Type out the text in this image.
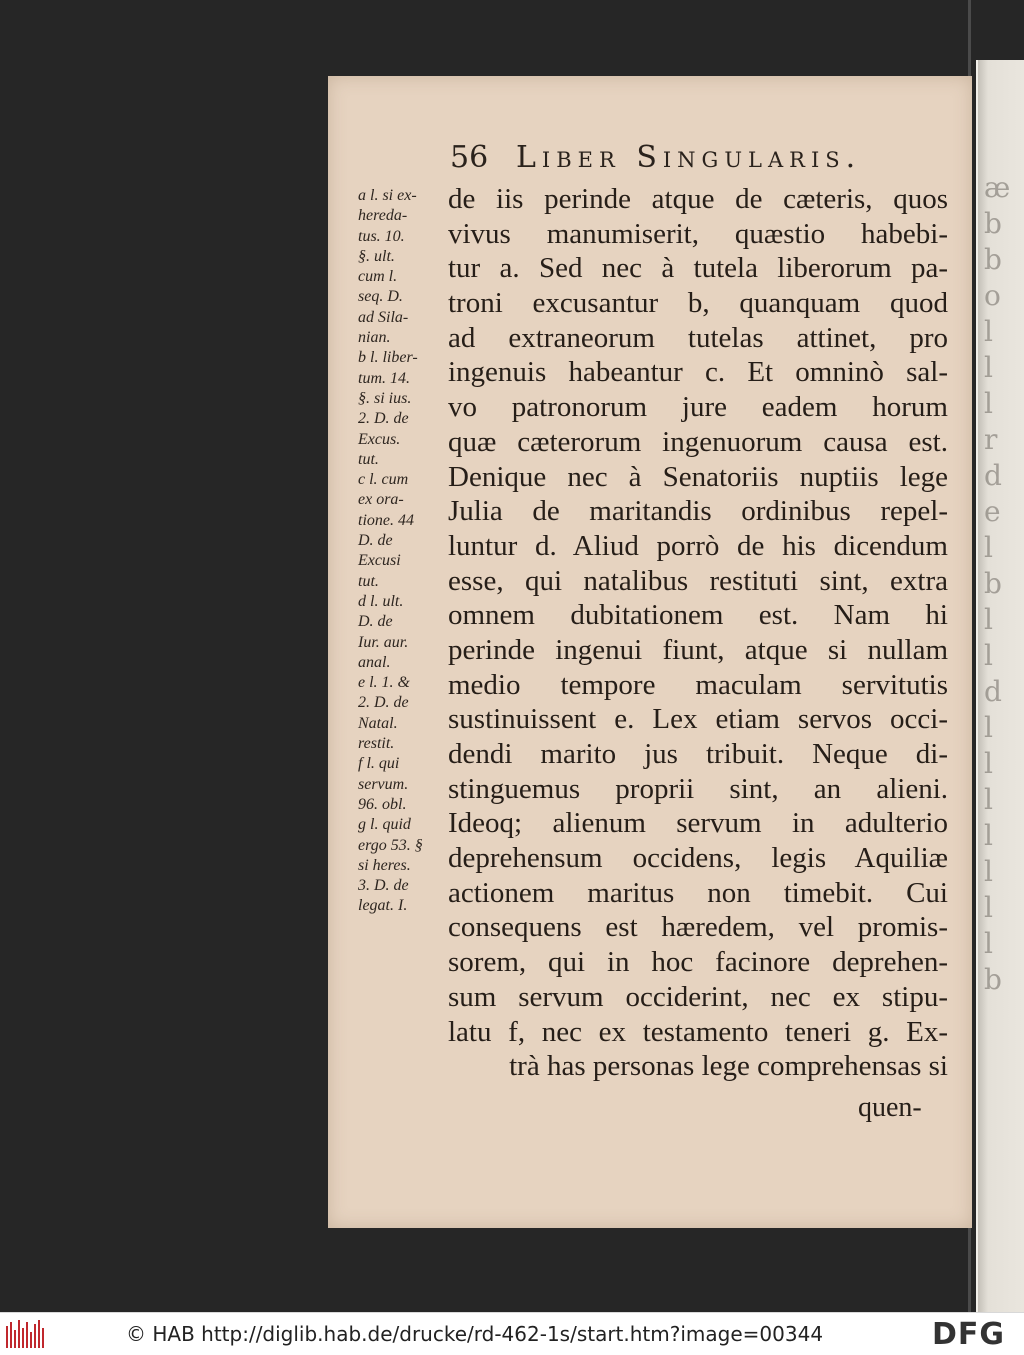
æ
b
b
o
l
l
l
r
d
e
l
b
l
l
d
l
l
l
l
l
l
l
b
56 Liber Singularis.
a l. si ex-
hereda-
tus. 10.
§. ult.
cum l.
seq. D.
ad Sila-
nian.
b l. liber-
tum. 14.
§. si ius.
2. D. de
Excus.
tut.
c l. cum
ex ora-
tione. 44
D. de
Excusi
tut.
d l. ult.
D. de
Iur. aur.
anal.
e l. 1. &
2. D. de
Natal.
restit.
f l. qui
servum.
96. obl.
g l. quid
ergo 53. §
si heres.
3. D. de
legat. I.
de iis perinde atque de cæteris, quos
vivus manumiserit, quæstio habebi-
tur a. Sed nec à tutela liberorum pa-
troni excusantur b, quanquam quod
ad extraneorum tutelas attinet, pro
ingenuis habeantur c. Et omninò sal-
vo patronorum jure eadem horum
quæ cæterorum ingenuorum causa est.
Denique nec à Senatoriis nuptiis lege
Julia de maritandis ordinibus repel-
luntur d. Aliud porrò de his dicendum
esse, qui natalibus restituti sint, extra
omnem dubitationem est. Nam hi
perinde ingenui fiunt, atque si nullam
medio tempore maculam servitutis
sustinuissent e. Lex etiam servos occi-
dendi marito jus tribuit. Neque di-
stinguemus proprii sint, an alieni.
Ideoq; alienum servum in adulterio
deprehensum occidens, legis Aquiliæ
actionem maritus non timebit. Cui
consequens est hæredem, vel promis-
sorem, qui in hoc facinore deprehen-
sum servum occiderint, nec ex stipu-
latu f, nec ex testamento teneri g. Ex-
trà has personas lege comprehensas si
quen-
© HAB http://diglib.hab.de/drucke/rd-462-1s/start.htm?image=00344	DFG
